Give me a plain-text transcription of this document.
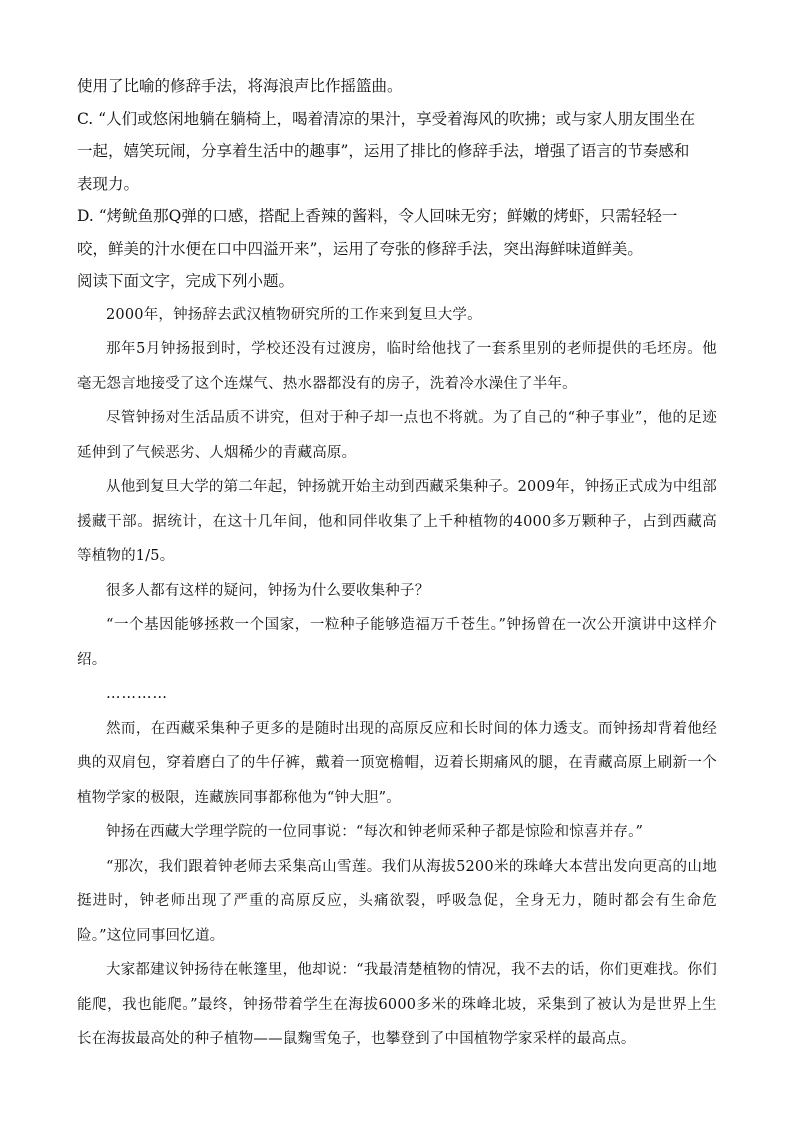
使用了比喻的修辞手法，将海浪声比作摇篮曲。

C. “人们或悠闲地躺在躺椅上，喝着清凉的果汁，享受着海风的吹拂；或与家人朋友围坐在

一起，嬉笑玩闹，分享着生活中的趣事”，运用了排比的修辞手法，增强了语言的节奏感和

表现力。

D. “烤鱿鱼那Q弹的口感，搭配上香辣的酱料，令人回味无穷；鲜嫩的烤虾，只需轻轻一

咬，鲜美的汁水便在口中四溢开来”，运用了夸张的修辞手法，突出海鲜味道鲜美。

阅读下面文字，完成下列小题。

2000年，钟扬辞去武汉植物研究所的工作来到复旦大学。

那年5月钟扬报到时，学校还没有过渡房，临时给他找了一套系里别的老师提供的毛坯房。他毫无怨言地接受了这个连煤气、热水器都没有的房子，洗着冷水澡住了半年。

尽管钟扬对生活品质不讲究，但对于种子却一点也不将就。为了自己的“种子事业”，他的足迹延伸到了气候恶劣、人烟稀少的青藏高原。

从他到复旦大学的第二年起，钟扬就开始主动到西藏采集种子。2009年，钟扬正式成为中组部援藏干部。据统计，在这十几年间，他和同伴收集了上千种植物的4000多万颗种子，占到西藏高等植物的1/5。

很多人都有这样的疑问，钟扬为什么要收集种子？

“一个基因能够拯救一个国家，一粒种子能够造福万千苍生。”钟扬曾在一次公开演讲中这样介绍。

…………

然而，在西藏采集种子更多的是随时出现的高原反应和长时间的体力透支。而钟扬却背着他经典的双肩包，穿着磨白了的牛仔裤，戴着一顶宽檐帽，迈着长期痛风的腿，在青藏高原上刷新一个植物学家的极限，连藏族同事都称他为“钟大胆”。

钟扬在西藏大学理学院的一位同事说：“每次和钟老师采种子都是惊险和惊喜并存。”

“那次，我们跟着钟老师去采集高山雪莲。我们从海拔5200米的珠峰大本营出发向更高的山地挺进时，钟老师出现了严重的高原反应，头痛欲裂，呼吸急促，全身无力，随时都会有生命危险。”这位同事回忆道。

大家都建议钟扬待在帐篷里，他却说：“我最清楚植物的情况，我不去的话，你们更难找。你们能爬，我也能爬。”最终，钟扬带着学生在海拔6000多米的珠峰北坡，采集到了被认为是世界上生长在海拔最高处的种子植物——鼠麴雪兔子，也攀登到了中国植物学家采样的最高点。
